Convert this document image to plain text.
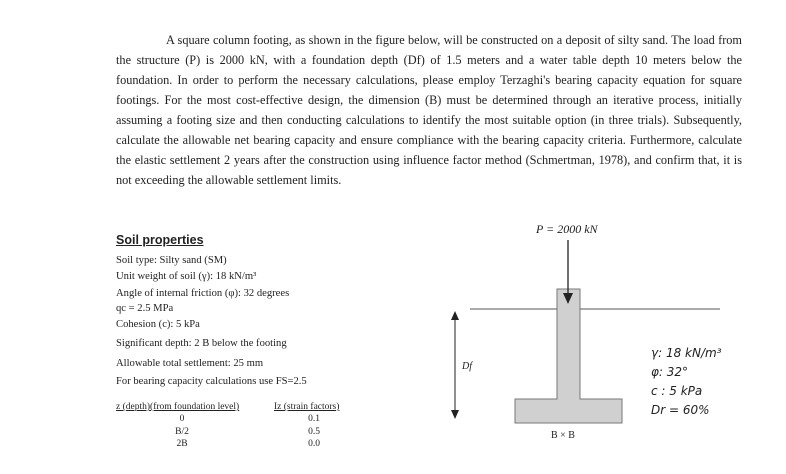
A square column footing, as shown in the figure below, will be constructed on a deposit of silty sand. The load from the structure (P) is 2000 kN, with a foundation depth (Df) of 1.5 meters and a water table depth 10 meters below the foundation. In order to perform the necessary calculations, please employ Terzaghi's bearing capacity equation for square footings. For the most cost-effective design, the dimension (B) must be determined through an iterative process, initially assuming a footing size and then conducting calculations to identify the most suitable option (in three trials). Subsequently, calculate the allowable net bearing capacity and ensure compliance with the bearing capacity criteria. Furthermore, calculate the elastic settlement 2 years after the construction using influence factor method (Schmertman, 1978), and confirm that, it is not exceeding the allowable settlement limits.

Soil properties

Soil type: Silty sand (SM)

Unit weight of soil (γ): 18 kN/m³

Angle of internal friction (φ): 32 degrees

qc = 2.5 MPa

Cohesion (c): 5 kPa

Significant depth: 2 B below the footing

Allowable total settlement: 25 mm

For bearing capacity calculations use FS=2.5

z (depth)(from foundation level)	Iz (strain factors)

0	0.1

B/2	0.5

2B	0.0

P = 2000 kN

Df

B × B

γ: 18 kN/m³

φ: 32°

c : 5 kPa

Dr = 60%
